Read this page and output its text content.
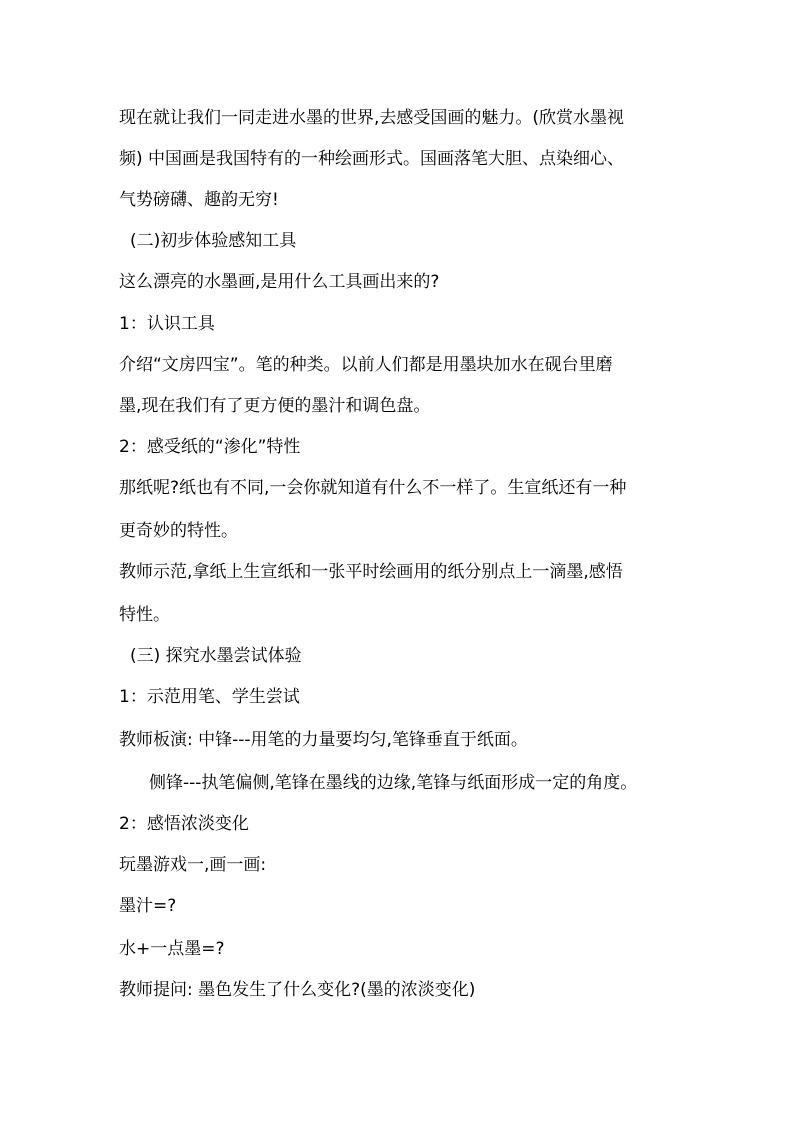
现在就让我们一同走进水墨的世界,去感受国画的魅力。(欣赏水墨视
频) 中国画是我国特有的一种绘画形式。国画落笔大胆、点染细心、
气势磅礴、趣韵无穷!
(二)初步体验感知工具
这么漂亮的水墨画,是用什么工具画出来的?
1：认识工具
介绍“文房四宝”。笔的种类。以前人们都是用墨块加水在砚台里磨
墨,现在我们有了更方便的墨汁和调色盘。
2：感受纸的“渗化”特性
那纸呢?纸也有不同,一会你就知道有什么不一样了。生宣纸还有一种
更奇妙的特性。
教师示范,拿纸上生宣纸和一张平时绘画用的纸分别点上一滴墨,感悟
特性。
(三) 探究水墨尝试体验
1：示范用笔、学生尝试
教师板演: 中锋---用笔的力量要均匀,笔锋垂直于纸面。
侧锋---执笔偏侧,笔锋在墨线的边缘,笔锋与纸面形成一定的角度。
2：感悟浓淡变化
玩墨游戏一,画一画:
墨汁=?
水+一点墨=?
教师提问: 墨色发生了什么变化?(墨的浓淡变化)
